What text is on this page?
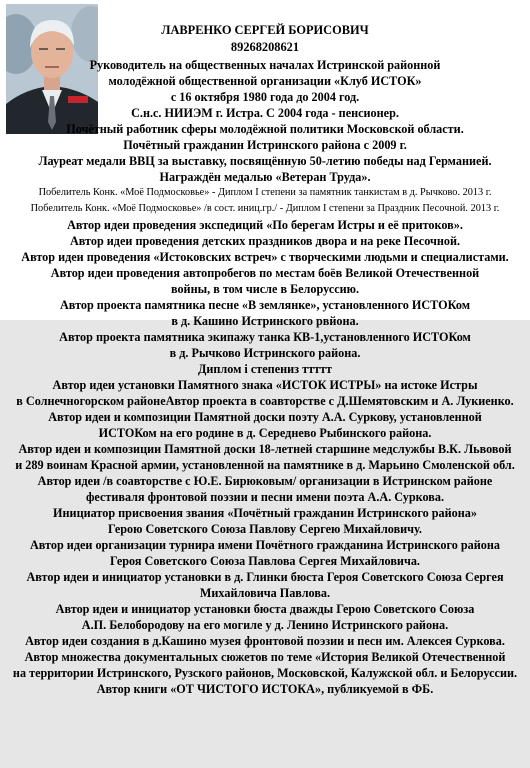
ЛАВРЕНКО СЕРГЕЙ БОРИСОВИЧ
89268208621
Руководитель на общественных началах Истринской районной
молодёжной общественной организации «Клуб ИСТОК»
с 16 октября 1980 года до 2004 год.
С.н.с. НИИЭМ г. Истра. С 2004 года - пенсионер.
Почётный работник сферы молодёжной политики Московской области.
Почётный гражданин Истринского района с 2009 г.
Лауреат медали ВВЦ за выставку, посвящённую 50-летию победы над Германией.
Награждён медалью «Ветеран Труда».
Побелитель Конк. «Моё Подмосковье» - Диплом I степени за памятник танкистам в д. Рычково. 2013 г.
Побелитель Конк. «Моё Подмосковье» /в сост. иниц.гр./ - Диплом I степени за Праздник Песочной. 2013 г.
Автор идеи проведения экспедиций «По берегам Истры и её притоков».
Автор идеи проведения детских праздников двора и на реке Песочной.
Автор идеи проведения «Истоковских встреч» с творческими людьми и специалистами.
Автор идеи проведения автопробегов по местам боёв Великой Отечественной
войны, в том числе в Белоруссию.
Автор проекта памятника песне «В землянке», установленного ИСТОКом
в д. Кашино Истринского рвйона.
Автор проекта памятника экипажу танка КВ-1,установленного ИСТОКом
в д. Рычково Истринского района.
Диплом і степениз ттттт
Автор идеи установки Памятного знака «ИСТОК ИСТРЫ» на истоке Истры
в Солнечногорском районеАвтор проекта в соавторстве с Д.Шемятовским и А. Лукиенко.
Автор идеи и композиции Памятной доски поэту А.А. Суркову, установленной
ИСТОКом на его родине в д. Середнево Рыбинского района.
Автор идеи и композиции Памятной доски 18-летней старшине медслужбы В.К. Львовой
и 289 воинам Красной армии, установленной на памятнике в д. Марьино Смоленской обл.
Автор идеи /в соавторстве с Ю.Е. Бирюковым/ организации в Истринском районе
фестиваля фронтовой поэзии и песни имени поэта А.А. Суркова.
Инициатор присвоения звания «Почётный гражданин Истринского района»
Герою Советского Союза Павлову Сергею Михайловичу.
Автор идеи организации турнира имени Почётного гражданина Истринского района
Героя Советского Союза Павлова Сергея Михайловича.
Автор идеи и инициатор установки в д. Глинки бюста Героя Советского Союза Сергея
Михайловича Павлова.
Автор идеи и инициатор установки бюста дважды Герою Советского Союза
А.П. Белобородову на его могиле у д. Ленино Истринского района.
Автор идеи создания в д.Кашино музея фронтовой поэзии и песн им. Алексея Суркова.
Автор множества документальных сюжетов по теме «История Великой Отечественной
на территории Истринского, Рузского районов, Московской, Калужской обл. и Белоруссии.
Автор книги «ОТ ЧИСТОГО ИСТОКА», публикуемой в ФБ.
